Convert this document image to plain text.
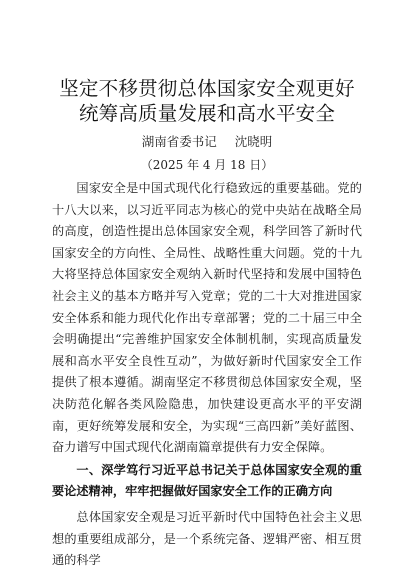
坚定不移贯彻总体国家安全观更好统筹高质量发展和高水平安全
湖南省委书记 沈晓明
（2025 年 4 月 18 日）

国家安全是中国式现代化行稳致远的重要基础。党的十八大以来，以习近平同志为核心的党中央站在战略全局的高度，创造性提出总体国家安全观，科学回答了新时代国家安全的方向性、全局性、战略性重大问题。党的十九大将坚持总体国家安全观纳入新时代坚持和发展中国特色社会主义的基本方略并写入党章；党的二十大对推进国家安全体系和能力现代化作出专章部署；党的二十届三中全会明确提出“完善维护国家安全体制机制，实现高质量发展和高水平安全良性互动”，为做好新时代国家安全工作提供了根本遵循。湖南坚定不移贯彻总体国家安全观，坚决防范化解各类风险隐患，加快建设更高水平的平安湖南，更好统筹发展和安全，为实现“三高四新”美好蓝图、奋力谱写中国式现代化湖南篇章提供有力安全保障。

一、深学笃行习近平总书记关于总体国家安全观的重要论述精神，牢牢把握做好国家安全工作的正确方向

总体国家安全观是习近平新时代中国特色社会主义思想的重要组成部分，是一个系统完备、逻辑严密、相互贯通的科学
